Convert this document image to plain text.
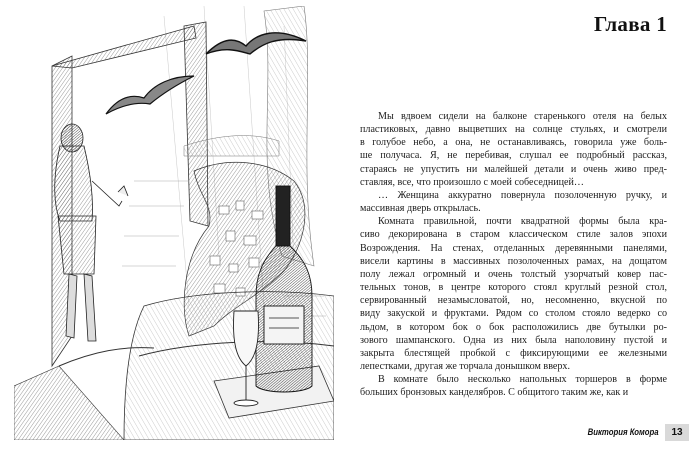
Глава 1

Мы вдвоем сидели на балконе старенького отеля на белых
пластиковых, давно выцветших на солнце стульях, и смотрели
в голубое небо, а она, не останавливаясь, говорила уже боль-
ше получаса. Я, не перебивая, слушал ее подробный рассказ,
стараясь не упустить ни малейшей детали и очень живо пред-
ставляя, все, что произошло с моей собеседницей…

… Женщина аккуратно повернула позолоченную ручку, и
массивная дверь открылась.

Комната правильной, почти квадратной формы была кра-
сиво декорирована в старом классическом стиле залов эпохи
Возрождения. На стенах, отделанных деревянными панелями,
висели картины в массивных позолоченных рамах, на дощатом
полу лежал огромный и очень толстый узорчатый ковер пас-
тельных тонов, в центре которого стоял круглый резной стол,
сервированный незамысловатой, но, несомненно, вкусной по
виду закуской и фруктами. Рядом со столом стояло ведерко со
льдом, в котором бок о бок расположились две бутылки ро-
зового шампанского. Одна из них была наполовину пустой и
закрыта блестящей пробкой с фиксирующими ее железными
лепестками, другая же торчала донышком вверх.

В комнате было несколько напольных торшеров в форме
больших бронзовых канделябров. С общитого таким же, как и

Виктория Комора	13
